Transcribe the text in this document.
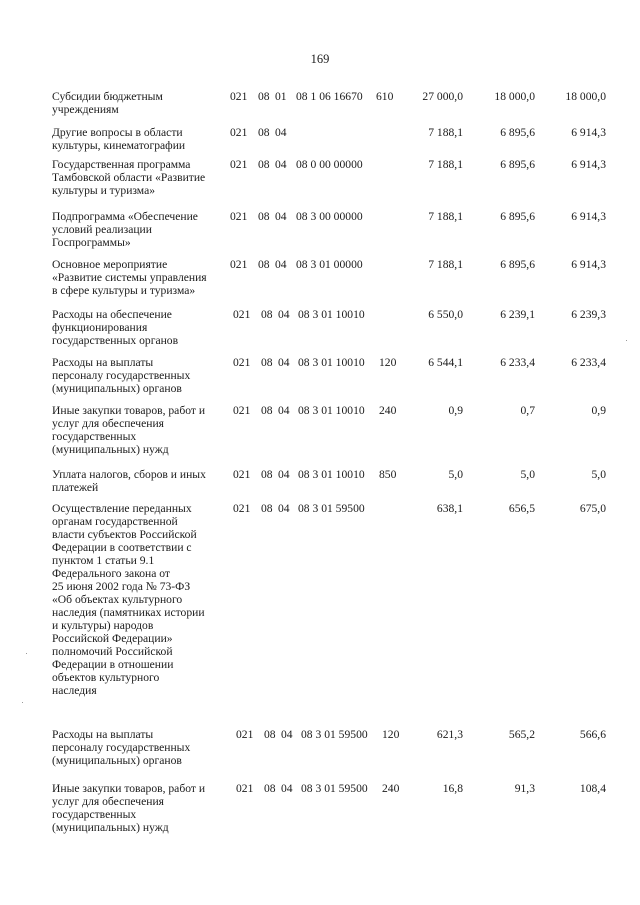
169
Субсидии бюджетным
учреждениям
021 08 01 08 1 06 16670 610	27 000,0	18 000,0	18 000,0
Другие вопросы в области
культуры, кинематографии
021 08 04	7 188,1	6 895,6	6 914,3
Государственная программа
Тамбовской области «Развитие
культуры и туризма»
021 08 04 08 0 00 00000	7 188,1	6 895,6	6 914,3
Подпрограмма «Обеспечение
условий реализации
Госпрограммы»
021 08 04 08 3 00 00000	7 188,1	6 895,6	6 914,3
Основное мероприятие
«Развитие системы управления
в сфере культуры и туризма»
021 08 04 08 3 01 00000	7 188,1	6 895,6	6 914,3
Расходы на обеспечение
функционирования
государственных органов
021 08 04 08 3 01 10010	6 550,0	6 239,1	6 239,3
Расходы на выплаты
персоналу государственных
(муниципальных) органов
021 08 04 08 3 01 10010 120	6 544,1	6 233,4	6 233,4
Иные закупки товаров, работ и
услуг для обеспечения
государственных
(муниципальных) нужд
021 08 04 08 3 01 10010 240	0,9	0,7	0,9
Уплата налогов, сборов и иных
платежей
021 08 04 08 3 01 10010 850	5,0	5,0	5,0
Осуществление переданных
органам государственной
власти субъектов Российской
Федерации в соответствии с
пунктом 1 статьи 9.1
Федерального закона от
25 июня 2002 года № 73-ФЗ
«Об объектах культурного
наследия (памятниках истории
и культуры) народов
Российской Федерации»
полномочий Российской
Федерации в отношении
объектов культурного
наследия
021 08 04 08 3 01 59500	638,1	656,5	675,0
Расходы на выплаты
персоналу государственных
(муниципальных) органов
021 08 04 08 3 01 59500 120	621,3	565,2	566,6
Иные закупки товаров, работ и
услуг для обеспечения
государственных
(муниципальных) нужд
021 08 04 08 3 01 59500 240	16,8	91,3	108,4
